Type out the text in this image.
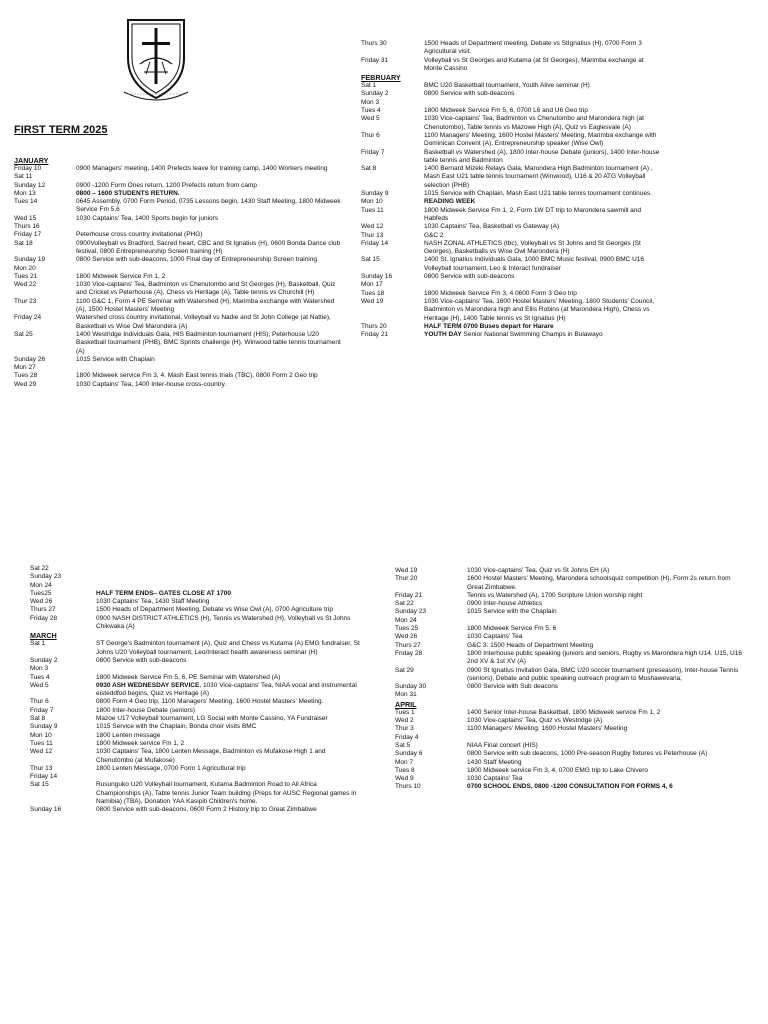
FIRST TERM 2025
JANUARY
Friday 10	0900 Managers' meeting, 1400 Prefects leave for training camp, 1400 Workers meeting
Sat 11
Sunday 12	0900 -1200 Form Ones return, 1200 Prefects return from camp
Mon 13	0800 – 1600 STUDENTS RETURN.
Tues 14	0645 Assembly, 0700 Form Period, 0735 Lessons begin, 1430 Staff Meeting, 1800 Midweek Service Fm 5,6
Wed 15	1030 Captains' Tea, 1400 Sports begin for juniors
Thurs 16
Friday 17	Peterhouse cross country invitational (PHG)
Sat 18	0900Volleyball vs Bradford, Sacred heart, CBC and St Ignatius (H), 0600 Bonda Dance club festival, 0800 Entrepreneurship Screen training (H)
Sunday 19	0800 Service with sub-deacons, 1000 Final day of Entrepreneurship Screen training
Mon 20
Tues 21	1800 Midweek Service Fm 1, 2
Wed 22	1030 Vice-captains' Tea, Badminton vs Chenutombo and St Georges (H), Basketball, Quiz and Cricket vs Peterhouse (A), Chess vs Heritage (A), Table tennis vs Churchill (H)
Thur 23	1100 G&C 1, Form 4 PE Seminar with Watershed (H), Marimba exchange with Watershed (A), 1500 Hostel Masters' Meeting
Friday 24	Watershed cross country invitational, Volleyball vs Nadie and St John College (at Nattie), Basketball vs Wise Owl Marondera (A)
Sat 25	1400 Westridge Individuals Gala, HIS Badminton tournament (HIS), Peterhouse U20 Basketball tournament (PHB), BMC Sprints challenge (H), Winwood table tennis tournament (A)
Sunday 26	1015 Service with Chaplain
Mon 27
Tues 28	1800 Midweek service Fm 3, 4, Mash East tennis trials (TBC), 0800 Form 2 Geo trip
Wed 29	1030 Captains' Tea, 1400 Inter-house cross-country.
Thurs 30	1500 Heads of Department meeting, Debate vs StIgnatius (H), 0700 Form 3 Agricultural visit.
Friday 31	Volleyball vs St Georges and Kutama (at St Georges), Marimba exchange at Monte Cassino
FEBRUARY
Sat 1	BMC U20 Basketball tournament, Youth Alive seminar (H)
Sunday 2	0800 Service with sub-deacons
Mon 3
Tues 4	1800 Midweek Service Fm 5, 6, 0700 L6 and U6 Geo trip
Wed 5	1030 Vice-captains' Tea, Badminton vs Chenutombo and Marondera high (at Chenutombo), Table tennis vs Mazowe High (A), Quiz vs Eaglesvale (A)
Thur 6	1100 Managers' Meeting, 1600 Hostel Masters' Meeting, Marimba exchange with Dominican Convent (A), Entrepreneurship speaker (Wise Owl)
Friday 7	Basketball vs Watershed (A), 1800 Inter-house Debate (juniors), 1400 Inter-house table tennis and Badminton
Sat 8	1400 Bernard Mizeki Relays Gala, Marondera High Badminton tournament (A) , Mash East U21 table tennis tournament (Winwood), U16 & 20 ATG Volleyball selection (PHB)
Sunday 9	1015 Service with Chaplain, Mash East U21 table tennis tournament continues.
Mon 10	READING WEEK
Tues 11	1800 Midweek Service Fm 1, 2, Form 1W DT trip to Marondera sawmill and Habfeds
Wed 12	1030 Captains' Tea, Basketball vs Gateway (A)
Thur 13	G&C 2
Friday 14	NASH ZONAL ATHLETICS (tbc), Volleyball vs St Johns and St Georges (St Georges), Basketballs vs Wise Owl Marondera (H)
Sat 15	1400 St. Ignatius Individuals Gala, 1000 BMC Music festival, 0900 BMC U16 Volleyball tournament, Leo & Interact fundraiser
Sunday 16	0800 Service with sub-deacons
Mon 17
Tues 18	1800 Midweek Service Fm 3, 4 0600 Form 3 Geo trip
Wed 19	1030 Vice-captains' Tea, 1600 Hostel Masters' Meeting, 1800 Students' Council, Badminton vs Marondera high and Ellis Robins (at Marondera High), Chess vs Heritage (H), 1400 Table tennis vs St Ignatius (H)
Thurs 20	HALF TERM 0700 Buses depart for Harare
Friday 21	YOUTH DAY Senior National Swimming Champs in Bulawayo
Sat 22
Sunday 23
Mon 24
Tues25	HALF TERM ENDS– GATES CLOSE AT 1700
Wed 26	1030 Captains' Tea, 1430 Staff Meeting
Thurs 27	1500 Heads of Department Meeting, Debate vs Wise Owl (A), 0700 Agriculture trip
Friday 28	0900 NASH DISTRICT ATHLETICS (H), Tennis vs Watershed (H), Volleyball vs St Johns Chikwaka (A)
MARCH
Sat 1	ST George's Badminton tournament (A), Quiz and Chess vs Kutama (A) EMG fundraiser, St Johns U20 Volleyball tournament, Leo/Interact health awareness seminar (H)
Sunday 2	0800 Service with sub-deacons
Mon 3
Tues 4	1800 Midweek Service Fm 5, 6, PE Seminar with Watershed (A)
Wed 5	0930 ASH WEDNESDAY SERVICE, 1030 Vice-captains' Tea, NIAA vocal and instrumental eisteddfod begins, Quiz vs Heritage (A)
Thur 6	0800 Form 4 Geo trip, 1100 Managers' Meeting, 1600 Hostel Masters' Meeting.
Friday 7	1800 Inter-house Debate (seniors)
Sat 8	Mazoe U17 Volleyball tournament, LG Social with Monte Cassino, YA Fundraiser
Sunday 9	1015 Service with the Chaplain, Bonda choir visits BMC
Mon 10	1800 Lenten message
Tues 11	1800 Midweek service Fm 1, 2
Wed 12	1030 Captains' Tea, 1800 Lenten Message, Badminton vs Mufakose High 1 and Chenutombo (at Mufakose)
Thur 13	1800 Lenten Message, 0700 Form 1 Agricultural trip
Friday 14
Sat 15	Rusunguko U20 Volleyball tournament, Kutama Badminton Road to All Africa Championships (A), Table tennis Junior Team building (Preps for AUSC Regional games in Namibia) (TBA), Donation YAA Kasipiti Children's home.
Sunday 16	0800 Service with sub-deacons, 0600 Form 2 History trip to Great Zimbabwe
Wed 19	1030 Vice-captains' Tea, Quiz vs St Johns EH (A)
Thur 20	1600 Hostel Masters' Meeting, Marondera schoolsquiz competition (H), Form 2s return from Great Zimbabwe.
Friday 21	Tennis vs Watershed (A), 1700 Scripture Union worship night
Sat 22	0900 Inter-house Athletics
Sunday 23	1015 Service with the Chaplain
Mon 24
Tues 25	1800 Midweek Service Fm 5, 6
Wed 26	1030 Captains' Tea
Thurs 27	G&C 3. 1500 Heads of Department Meeting
Friday 28	1800 Interhouse public speaking (juniors and seniors, Rugby vs Marondera high U14. U15, U16 2nd XV & 1st XV (A)
Sat 29	0900 St Ignatius Invitation Gala, BMC U20 soccer tournament (preseason), Inter-house Tennis (seniors), Debate and public speaking outreach program to Mushawevana,
Sunday 30	0800 Service with Sub deacons
Mon 31
APRIL
Tues 1	1400 Senior Inter-house Basketball, 1800 Midweek service Fm 1, 2
Wed 2	1030 Vice-captains' Tea, Quiz vs Westridge (A)
Thur 3	1100 Managers' Meeting, 1600 Hostel Masters' Meeting
Friday 4
Sat 5	NIAA Final concert (HIS)
Sunday 6	0800 Service with sub deacons, 1000 Pre-season Rugby fixtures vs Peterhouse (A)
Mon 7	1430 Staff Meeting
Tues 8	1800 Midweek service Fm 3, 4, 0700 EMG trip to Lake Chivero
Wed 9	1030 Captains' Tea
Thurs 10	0700 SCHOOL ENDS, 0800 -1200 CONSULTATION FOR FORMS 4, 6
